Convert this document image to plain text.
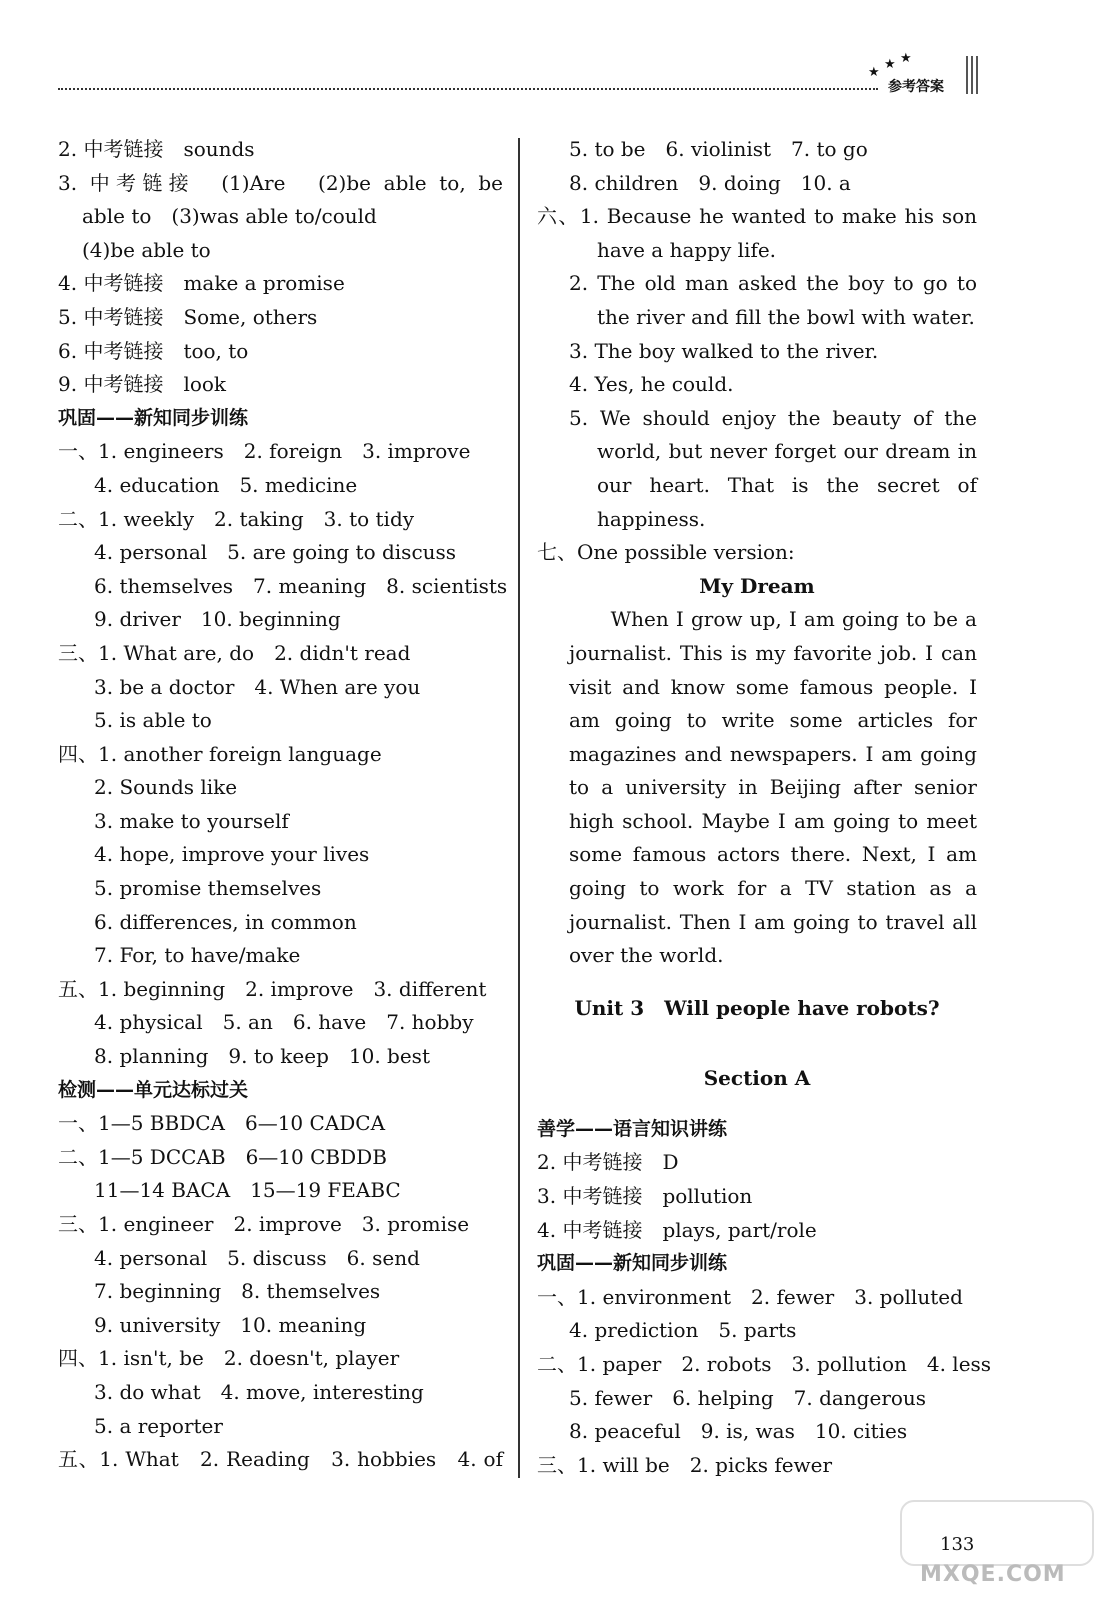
★
★ ★
参考答案
2. 中考链接　sounds
3. 中考链接　(1)Are　(2)be able to, be
able to　(3)was able to/could
(4)be able to
4. 中考链接　make a promise
5. 中考链接　Some, others
6. 中考链接　too, to
9. 中考链接　look
巩固——新知同步训练
一、1. engineers　2. foreign　3. improve
4. education　5. medicine
二、1. weekly　2. taking　3. to tidy
4. personal　5. are going to discuss
6. themselves　7. meaning　8. scientists
9. driver　10. beginning
三、1. What are, do　2. didn't read
3. be a doctor　4. When are you
5. is able to
四、1. another foreign language
2. Sounds like
3. make to yourself
4. hope, improve your lives
5. promise themselves
6. differences, in common
7. For, to have/make
五、1. beginning　2. improve　3. different
4. physical　5. an　6. have　7. hobby
8. planning　9. to keep　10. best
检测——单元达标过关
一、1—5 BBDCA　6—10 CADCA
二、1—5 DCCAB　6—10 CBDDB
11—14 BACA　15—19 FEABC
三、1. engineer　2. improve　3. promise
4. personal　5. discuss　6. send
7. beginning　8. themselves
9. university　10. meaning
四、1. isn't, be　2. doesn't, player
3. do what　4. move, interesting
5. a reporter
五、1. What　2. Reading　3. hobbies　4. of
5. to be　6. violinist　7. to go
8. children　9. doing　10. a
六、1. Because he wanted to make his son
have a happy life.
2. The old man asked the boy to go to
the river and fill the bowl with water.
3. The boy walked to the river.
4. Yes, he could.
5. We should enjoy the beauty of the
world, but never forget our dream in
our heart. That is the secret of
happiness.
七、One possible version:
My Dream
　　When I grow up, I am going to be a
journalist. This is my favorite job. I can
visit and know some famous people. I
am going to write some articles for
magazines and newspapers. I am going
to a university in Beijing after senior
high school. Maybe I am going to meet
some famous actors there. Next, I am
going to work for a TV station as a
journalist. Then I am going to travel all
over the world.
Unit 3　Will people have robots?
Section A
善学——语言知识讲练
2. 中考链接　D
3. 中考链接　pollution
4. 中考链接　plays, part/role
巩固——新知同步训练
一、1. environment　2. fewer　3. polluted
4. prediction　5. parts
二、1. paper　2. robots　3. pollution　4. less
5. fewer　6. helping　7. dangerous
8. peaceful　9. is, was　10. cities
三、1. will be　2. picks fewer
133
MXQE.COM
